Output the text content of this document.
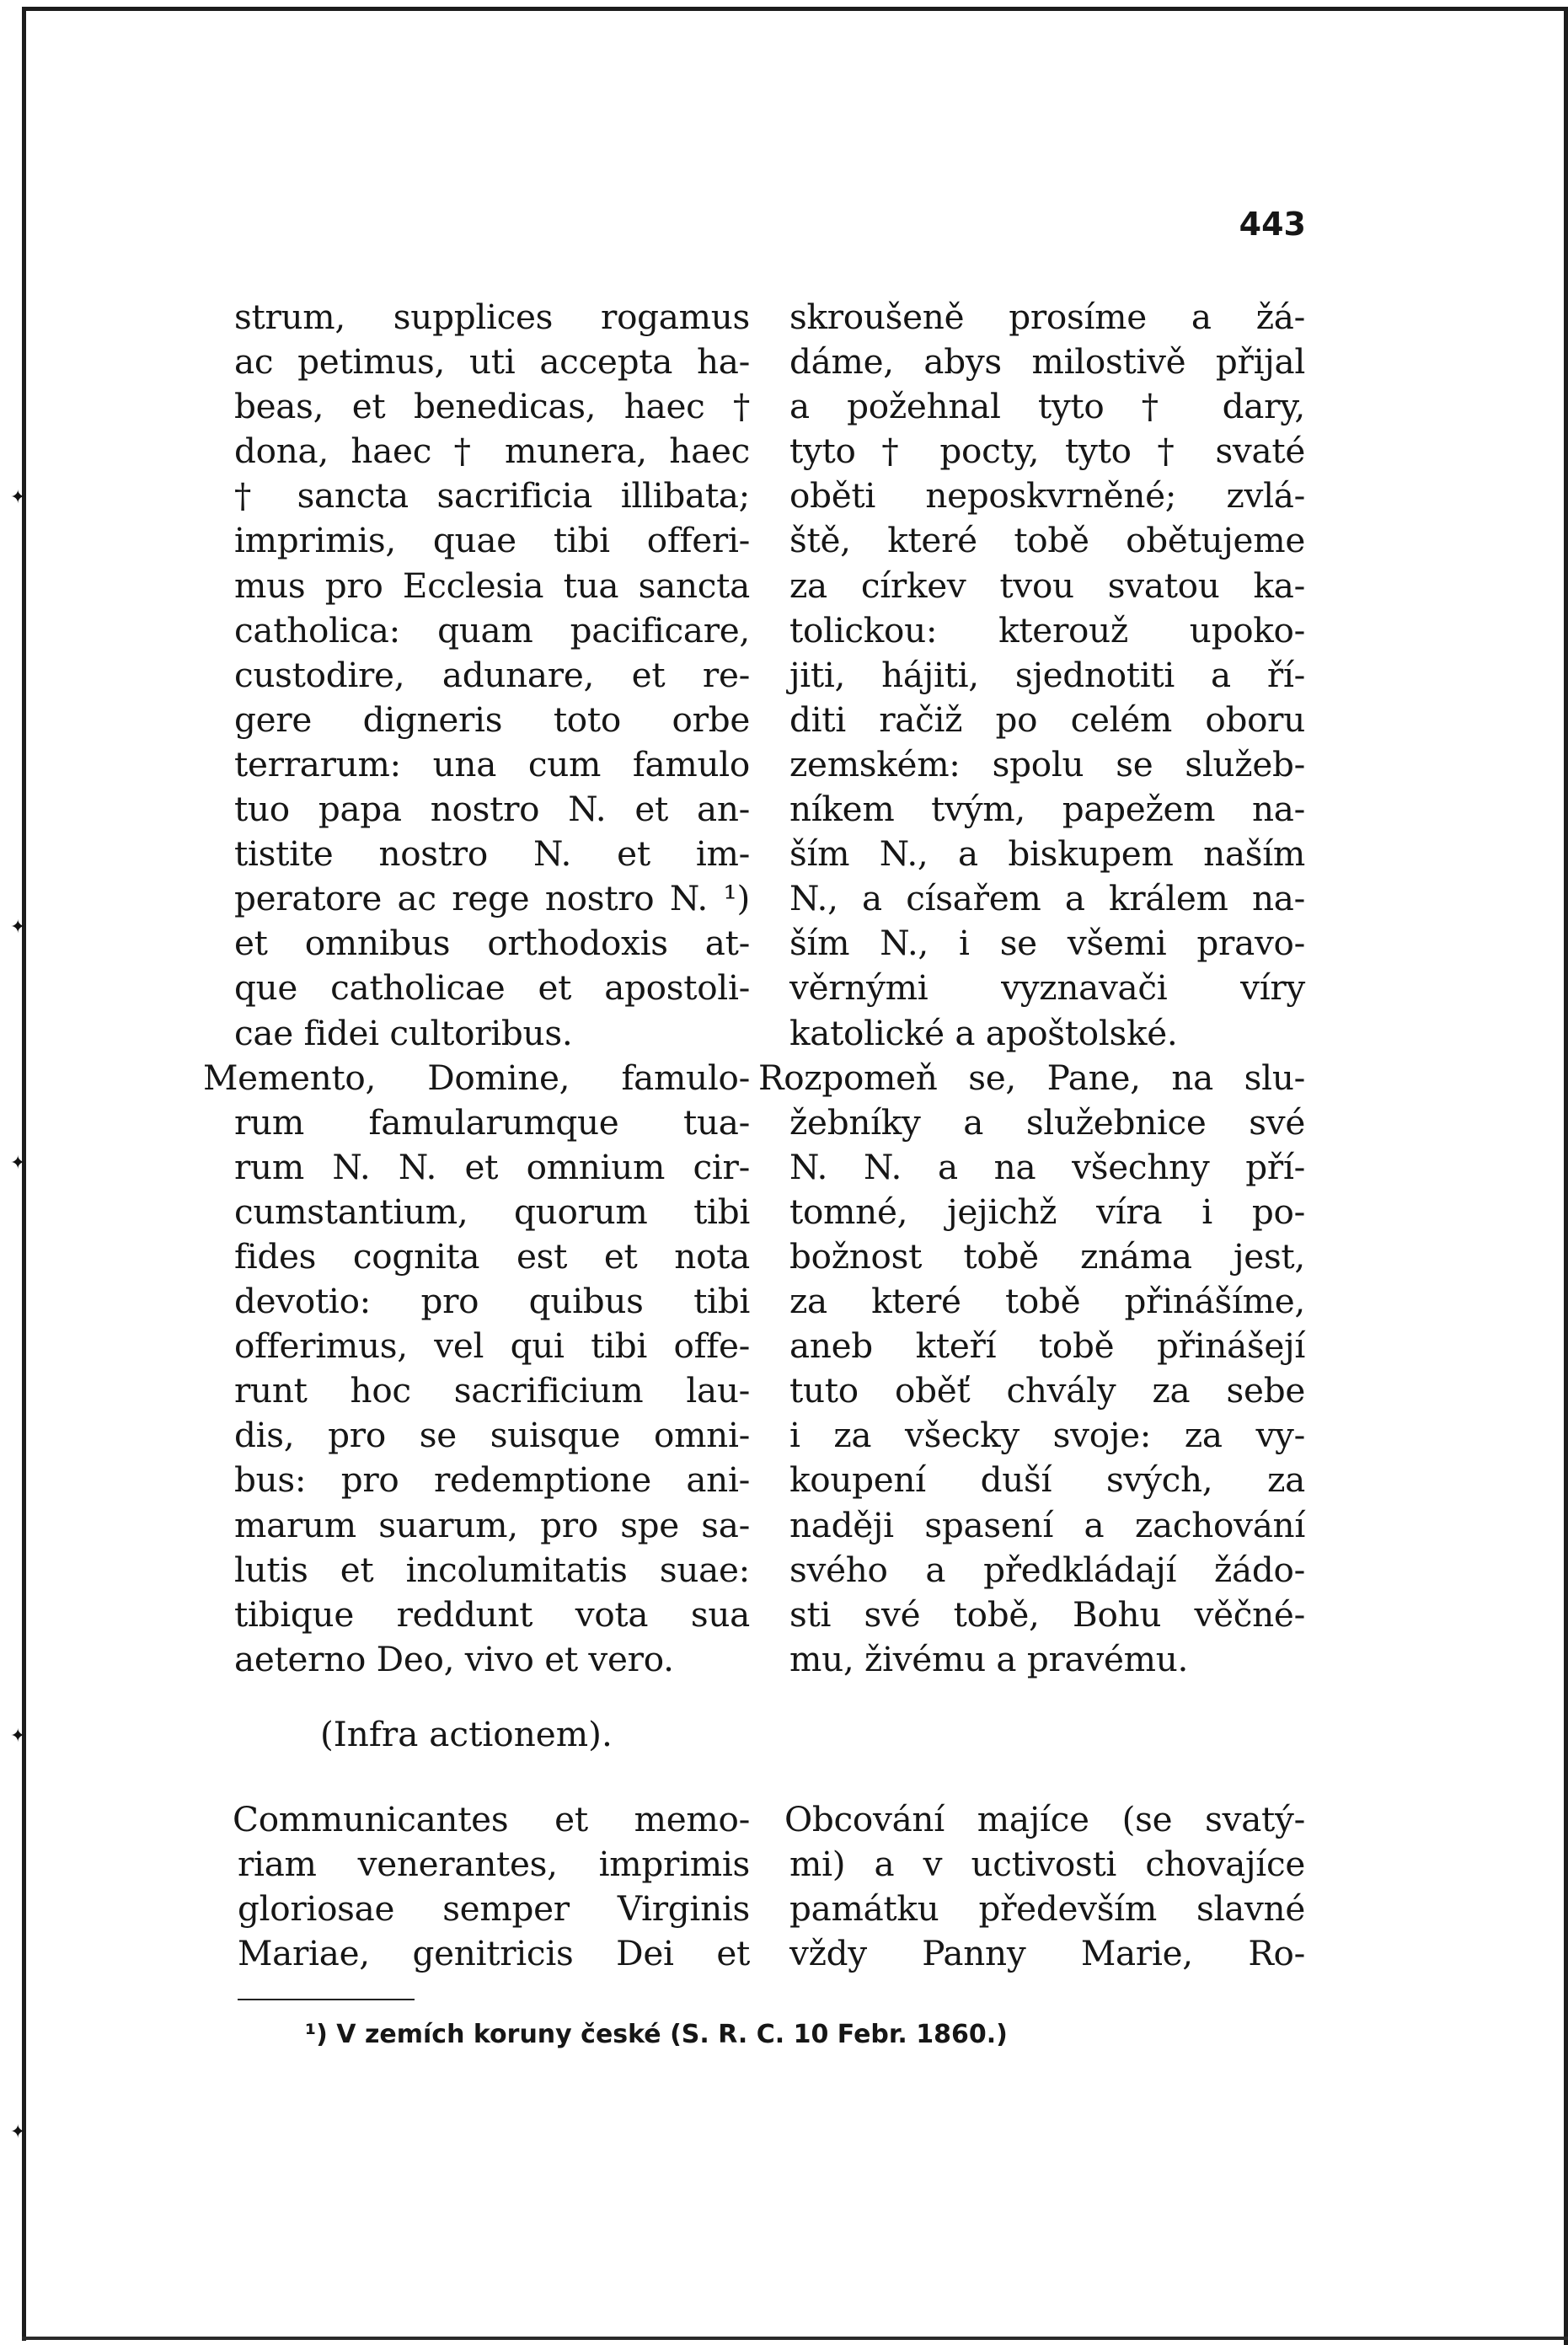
✦
✦
✦
✦
✦
443
strum, supplices rogamus
ac petimus, uti accepta ha-
beas, et benedicas, haec †
dona, haec † munera, haec
† sancta sacrificia illibata;
imprimis, quae tibi offeri-
mus pro Ecclesia tua sancta
catholica: quam pacificare,
custodire, adunare, et re-
gere digneris toto orbe
terrarum: una cum famulo
tuo papa nostro N. et an-
tistite nostro N. et im-
peratore ac rege nostro N. ¹)
et omnibus orthodoxis at-
que catholicae et apostoli-
cae fidei cultoribus.
Memento, Domine, famulo-
rum famularumque tua-
rum N. N. et omnium cir-
cumstantium, quorum tibi
fides cognita est et nota
devotio: pro quibus tibi
offerimus, vel qui tibi offe-
runt hoc sacrificium lau-
dis, pro se suisque omni-
bus: pro redemptione ani-
marum suarum, pro spe sa-
lutis et incolumitatis suae:
tibique reddunt vota sua
aeterno Deo, vivo et vero.
skroušeně prosíme a žá-
dáme, abys milostivě přijal
a požehnal tyto † dary,
tyto † pocty, tyto † svaté
oběti neposkvrněné; zvlá-
ště, které tobě obětujeme
za církev tvou svatou ka-
tolickou: kterouž upoko-
jiti, hájiti, sjednotiti a ří-
diti račiž po celém oboru
zemském: spolu se služeb-
níkem tvým, papežem na-
ším N., a biskupem naším
N., a císařem a králem na-
ším N., i se všemi pravo-
věrnými vyznavači víry
katolické a apoštolské.
Rozpomeň se, Pane, na slu-
žebníky a služebnice své
N. N. a na všechny pří-
tomné, jejichž víra i po-
božnost tobě známa jest,
za které tobě přinášíme,
aneb kteří tobě přinášejí
tuto oběť chvály za sebe
i za všecky svoje: za vy-
koupení duší svých, za
naději spasení a zachování
svého a předkládají žádo-
sti své tobě, Bohu věčné-
mu, živému a pravému.
(Infra actionem).
Communicantes et memo-
riam venerantes, imprimis
gloriosae semper Virginis
Mariae, genitricis Dei et
Obcování majíce (se svatý-
mi) a v uctivosti chovajíce
památku především slavné
vždy Panny Marie, Ro-
¹) V zemích koruny české (S. R. C. 10 Febr. 1860.)
